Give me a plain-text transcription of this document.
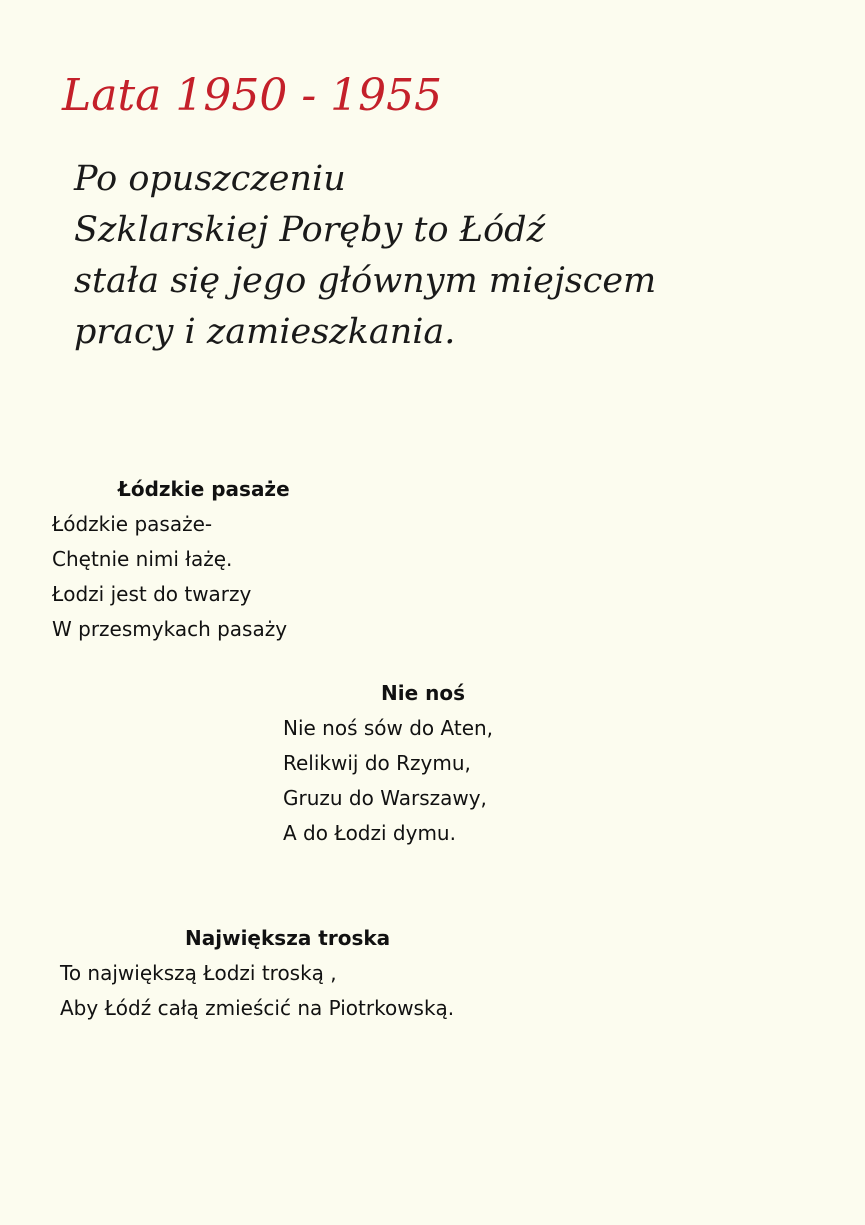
Lata 1950 - 1955

Po opuszczeniu
Szklarskiej Poręby to Łódź
stała się jego głównym miejscem
pracy i zamieszkania.

Łódzkie pasaże
Łódzkie pasaże-
Chętnie nimi łażę.
Łodzi jest do twarzy
W przesmykach pasaży
Nie noś
Nie noś sów do Aten,
Relikwij do Rzymu,
Gruzu do Warszawy,
A do Łodzi dymu.
Największa troska
To największą Łodzi troską ,
Aby Łódź całą zmieścić na Piotrkowską.
